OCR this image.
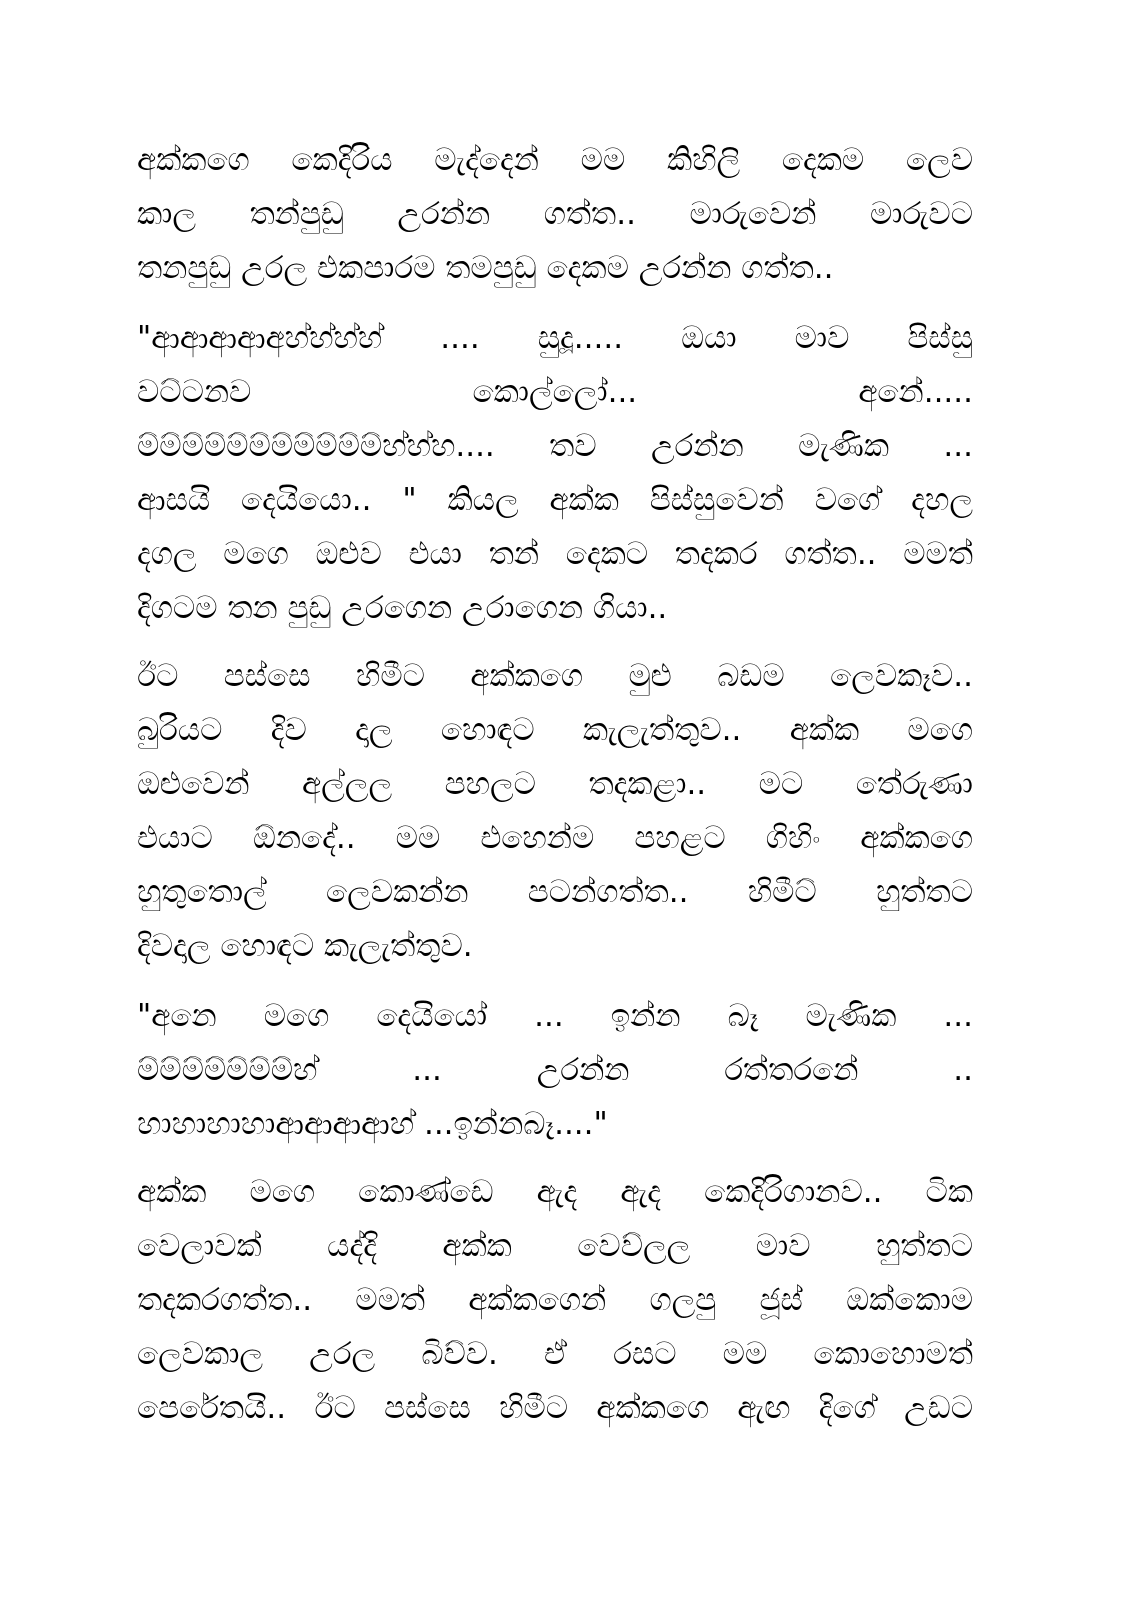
අක්කගෙ කෙදිරිය මැද්දෙන් මම කිහිලි දෙකම ලෙව
කාල තන්පුඩු උරන්න ගත්ත.. මාරුවෙන් මාරුවට
තනපුඩු උරල එකපාරම තමපුඩු දෙකම උරන්න ගත්ත..
"ආආආආඅහ්හ්හ්හ් .... සුදූ..... ඔයා මාව පිස්සු
වට්ටනව කොල්ලෝ... අනේ.....
ම්ම්ම්ම්ම්ම්ම්ම්ම්ම්ම්හ්හ්හ.... තව උරන්න මැණික ...
ආසයි දෙයියො.. " කියල අක්ක පිස්සුවෙන් වගේ දහල
දගල මගෙ ඔළුව එයා තන් දෙකට තදකර ගත්ත.. මමත්
දිගටම තන පුඩු උරගෙන උරාගෙන ගියා..
ඊට පස්සෙ හිමීට අක්කගෙ මුළු බඩම ලෙවකෑව..
බුරියට දිව දාල හොඳට කැලැත්තුව.. අක්ක මගෙ
ඔළුවෙන් අල්ලල පහලට තදකළා.. මට තේරුණා
එයාට ඕනදේ.. මම එහෙන්ම පහළට ගිහිං අක්කගෙ
හුතුතොල් ලෙවකන්න පටන්ගත්ත.. හිමීට් හුත්තට
දිවදාල හොඳට කැලැත්තුව.
"අනෙ මගෙ දෙයියෝ ... ඉන්න බෑ මැණික ...
ම්ම්ම්ම්ම්ම්ම්හ් ... උරන්න රත්තරනේ ..
හාහාහාහාආආආආහ් ...ඉන්නබෑ...."
අක්ක මගෙ කොණ්ඩෙ ඇද ඇද කෙදිරිගානව.. ටික
වෙලාවක් යද්දි අක්ක වෙව්ලල මාව හුත්තට
තදකරගත්ත.. මමත් අක්කගෙන් ගලපු ජූස් ඔක්කොම
ලෙවකාල උරල බිව්ව. ඒ රසට මම කොහොමත්
පෙරේතයි.. ඊට පස්සෙ හිමීට අක්කගෙ ඇඟ දිගේ උඩට
